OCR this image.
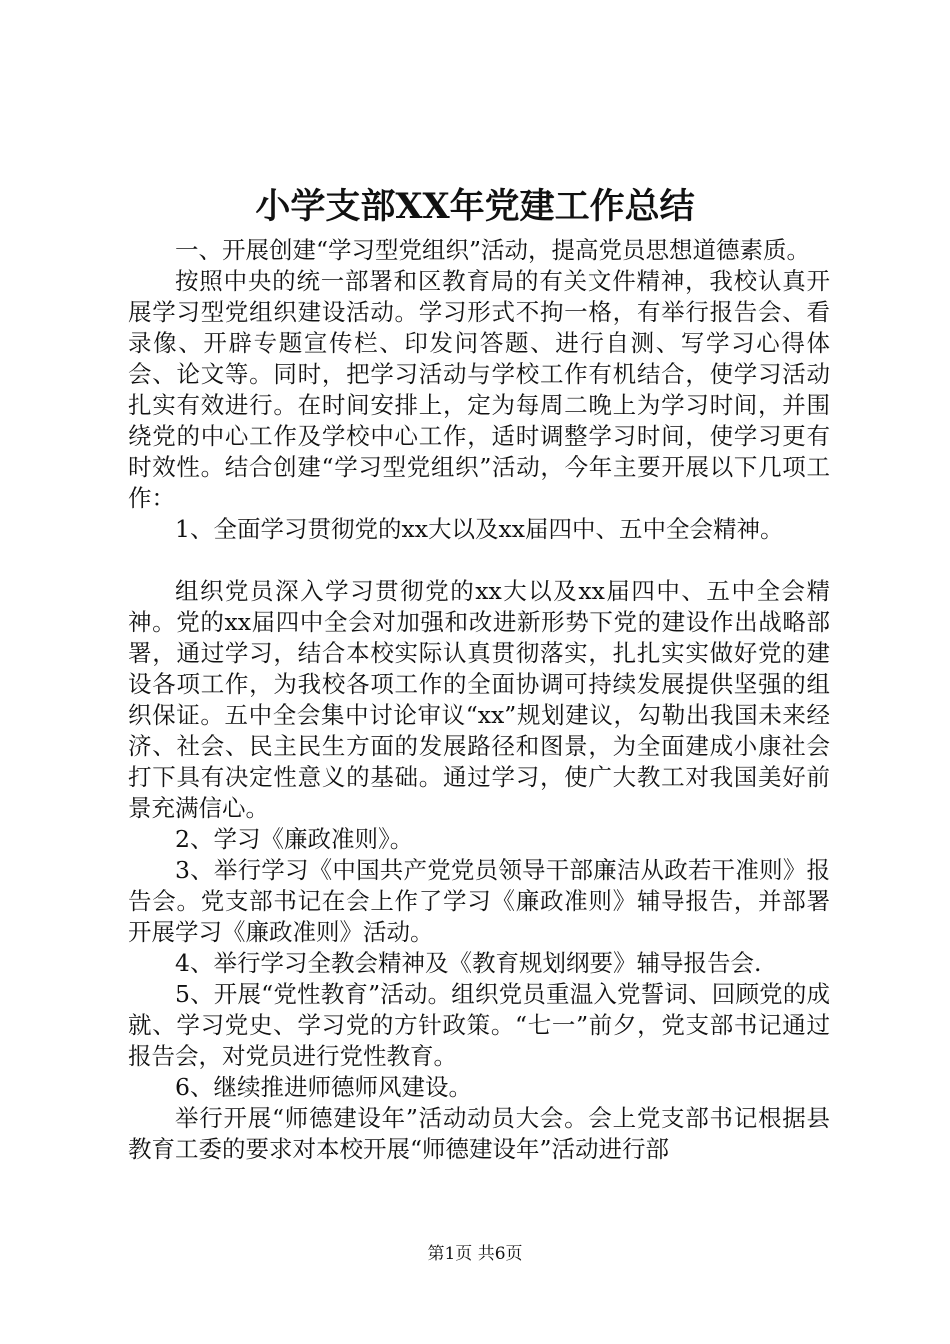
小学支部XX年党建工作总结

一、开展创建“学习型党组织”活动，提高党员思想道德素质。

按照中央的统一部署和区教育局的有关文件精神，我校认真开展学习型党组织建设活动。学习形式不拘一格，有举行报告会、看录像、开辟专题宣传栏、印发问答题、进行自测、写学习心得体会、论文等。同时，把学习活动与学校工作有机结合，使学习活动扎实有效进行。在时间安排上，定为每周二晚上为学习时间，并围绕党的中心工作及学校中心工作，适时调整学习时间，使学习更有时效性。结合创建“学习型党组织”活动，今年主要开展以下几项工作：

1、全面学习贯彻党的xx大以及xx届四中、五中全会精神。

组织党员深入学习贯彻党的xx大以及xx届四中、五中全会精神。党的xx届四中全会对加强和改进新形势下党的建设作出战略部署，通过学习，结合本校实际认真贯彻落实，扎扎实实做好党的建设各项工作，为我校各项工作的全面协调可持续发展提供坚强的组织保证。五中全会集中讨论审议“xx”规划建议，勾勒出我国未来经济、社会、民主民生方面的发展路径和图景，为全面建成小康社会打下具有决定性意义的基础。通过学习，使广大教工对我国美好前景充满信心。

2、学习《廉政准则》。

3、举行学习《中国共产党党员领导干部廉洁从政若干准则》报告会。党支部书记在会上作了学习《廉政准则》辅导报告，并部署开展学习《廉政准则》活动。

4、举行学习全教会精神及《教育规划纲要》辅导报告会.

5、开展“党性教育”活动。组织党员重温入党誓词、回顾党的成就、学习党史、学习党的方针政策。“七一”前夕，党支部书记通过报告会，对党员进行党性教育。

6、继续推进师德师风建设。

举行开展“师德建设年”活动动员大会。会上党支部书记根据县教育工委的要求对本校开展“师德建设年”活动进行部

第1页 共6页
